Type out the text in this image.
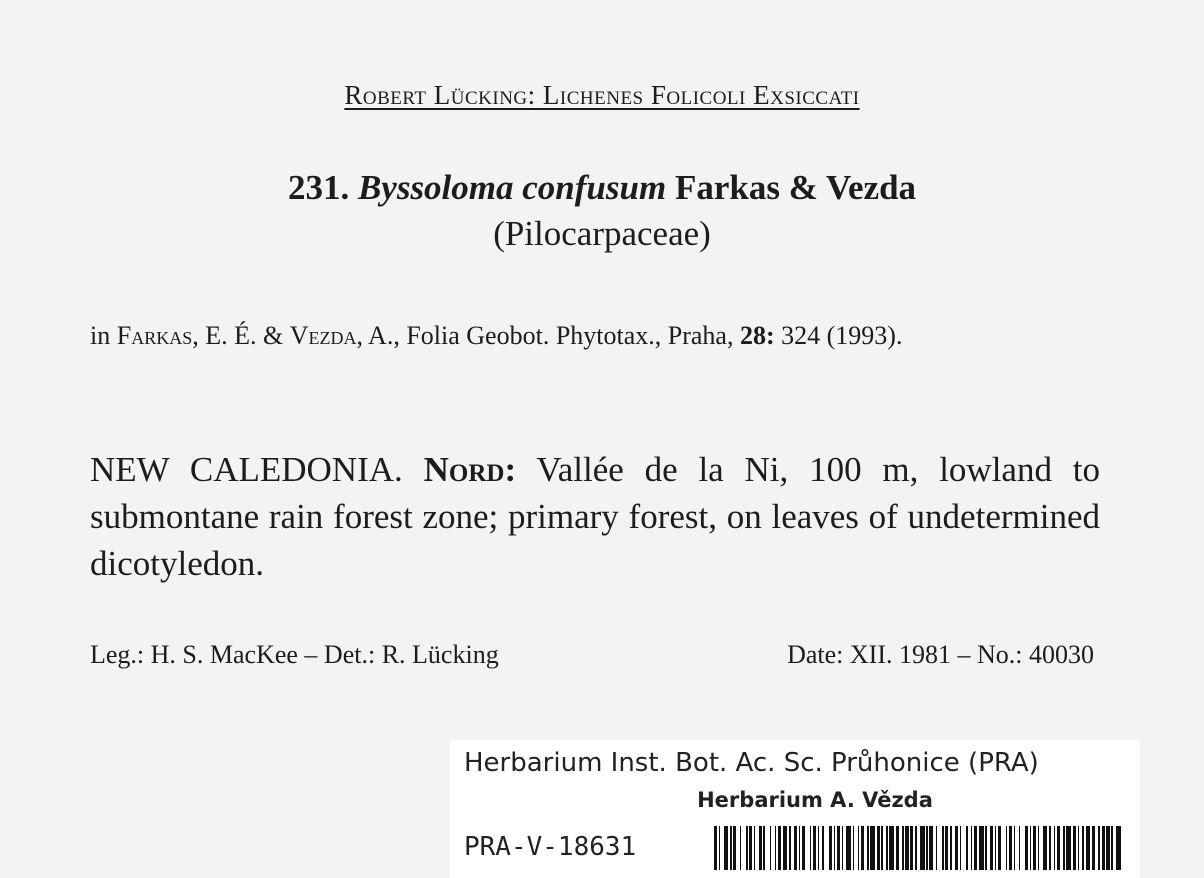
Robert Lücking: Lichenes Folicoli Exsiccati
231. Byssoloma confusum Farkas & Vezda
(Pilocarpaceae)
in Farkas, E. É. & Vezda, A., Folia Geobot. Phytotax., Praha, 28: 324 (1993).
NEW CALEDONIA. Nord: Vallée de la Ni, 100 m, lowland to submontane rain forest zone; primary forest, on leaves of undetermined dicotyledon.
Leg.: H. S. MacKee – Det.: R. Lücking	Date: XII. 1981 – No.: 40030
Herbarium Inst. Bot. Ac. Sc. Průhonice (PRA)
Herbarium A. Vězda
PRA-V-18631
